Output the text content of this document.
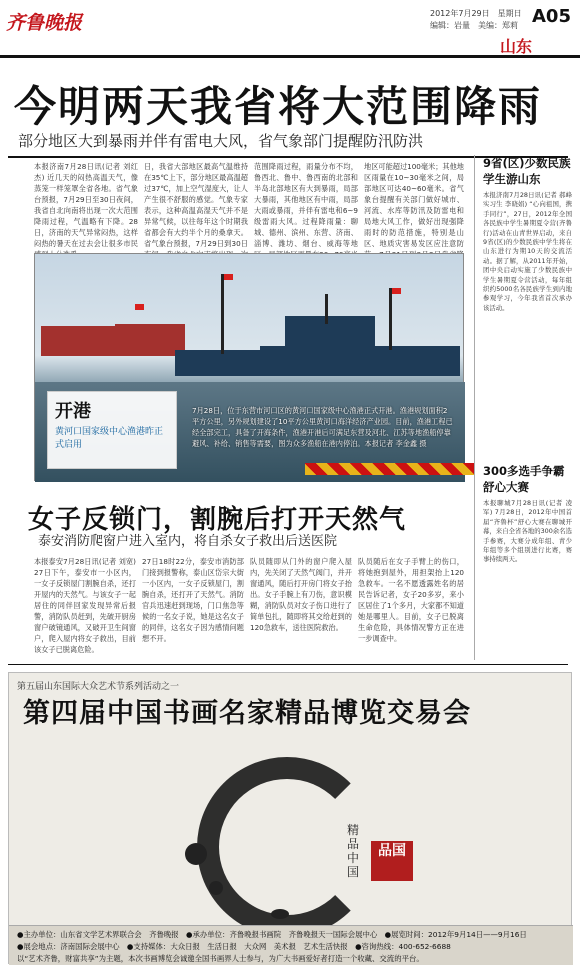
齐鲁晚报	2012年7月29日　星期日
编辑：岩量　美编：郑莉 A05
山东
今明两天我省将大范围降雨
部分地区大到暴雨并伴有雷电大风，省气象部门提醒防汛防洪
本报济南7月28日讯(记者 刘红杰) 近几天的闷热高温天气，像蒸笼一样笼罩全省各地。省气象台预报，7月29日至30日夜间，我省自北向南将出现一次大范围降雨过程，气温略有下降。28日，济南的天气异常闷热，这样闷热的暑天在过去会让很多市民
日，我省大部地区最高气温维持在35℃上下，部分地区最高温超过37℃，加上空气湿度大，让人产生很不舒服的感觉。气象专家表示，这种高温高湿天气并不是异常气候，以往每年这个时期我省都会有大约半个月的桑拿天。省气象台预报，7月29日到30日
范围降雨过程，雨量分布不均，鲁西北、鲁中、鲁西南的北部和半岛北部地区有大到暴雨，局部大暴雨，其他地区有中雨，局部大雨或暴雨，并伴有雷电和6~9级雷雨大风。过程降雨量：聊城、德州、滨州、东营、济南、淄博、潍坊、烟台、威海等地
地区可能超过100毫米；其他地区雨量在10~30毫米之间，局部地区可达40~60毫米。省气象台提醒有关部门做好城市、河流、水库等防汛及防雷电和局地大风工作，做好出现强降雨时的防范措施，特别是山区、地质灾害易发区应注意防
开港
黄河口国家级中心渔港昨正式启用
7月28日，位于东营市河口区的黄河口国家级中心渔港正式开港。渔港规划面积2平方公里，另外规划建设了10平方公里黄河口海洋经济产业园。目前，渔港工程已经全部完工，具备了开海条件，渔港开港后可满足东营及河北、江苏等地渔船停靠避风、补给、销售等需要，图为众多渔船在港内停泊。本报记者 李金鑫 摄
女子反锁门，割腕后打开天然气
泰安消防爬窗户进入室内，将自杀女子救出后送医院
本报泰安7月28日讯(记者 刘宽) 27日下午，泰安市一小区内，一女子反锁屋门割腕自杀，还打开屋内的天然气。与该女子一起居住的同伴回家发现异常后报警，消防队员赶到，先破开厨房窗户破镜通风，又破开卫生间窗户，爬入屋内将女子救出，目前该女子已脱离危险。
27日18时22分，泰安市消防部门接到报警称，泰山区岱宗大街一小区内，一女子反锁屋门，割腕自杀，还打开了天然气。消防官兵迅速赶到现场，门口焦急等候的一名女子说，她是这名女子的同伴，这名女子因为感情问题想不开。
队员随即从门外的窗户爬入屋内，先关闭了天然气阀门，并开窗通风，随后打开房门将女子抬出。女子手腕上有刀伤，意识模糊，消防队员对女子伤口进行了简单包扎，随即将其交给赶到的120急救车，送往医院救治。
队员随后在女子手臂上的伤口，将她抱到屋外，用担架抬上120急救车。一名不愿透露姓名的居民告诉记者，女子20多岁，来小区居住了1个多月，大家都不知道她是哪里人。目前，女子已脱离生命危险，具体情况警方正在进一步调查中。
9省(区)少数民族学生游山东
本报济南7月28日讯(记者 郝峰 实习生 李晓娟) “心向祖国，携手同行”，27日，2012年全国各民族中学生暑期夏令营(齐鲁行)活动在山青世界启动，来自9省(区)的少数民族中学生将在山东进行为期10天的交流活动。据了解，从2011年开始，团中央启动实施了少数民族中学生暑期夏令营活动，每年组织约5000名各民族学生到内地参观学习，今年我省首次承办该活动。
300多选手争霸舒心大赛
本报聊城7月28日讯(记者 凌军) 7月28日，2012年中国首届“齐鲁杯”舒心大赛在聊城开幕，来自全省各地的300余名选手参赛，大赛分成年组、青少年组等多个组别进行比赛，赛事持续两天。
第五届山东国际大众艺术节系列活动之一
第四届中国书画名家精品博览交易会
精品中国
品国
●主办单位：山东省文学艺术界联合会　齐鲁晚报　●承办单位：齐鲁晚报书画院　齐鲁晚报天一国际会展中心　●展览时间：2012年9月14日——9月16日
●展会地点：济南国际会展中心　●支持媒体：大众日报　生活日报　大众网　美术报　艺术生活快报　●咨询热线：400-652-6688
以“艺术齐鲁，财富共享”为主题，本次书画博览会诚邀全国书画界人士参与，为广大书画爱好者打造一个收藏、交流的平台。
